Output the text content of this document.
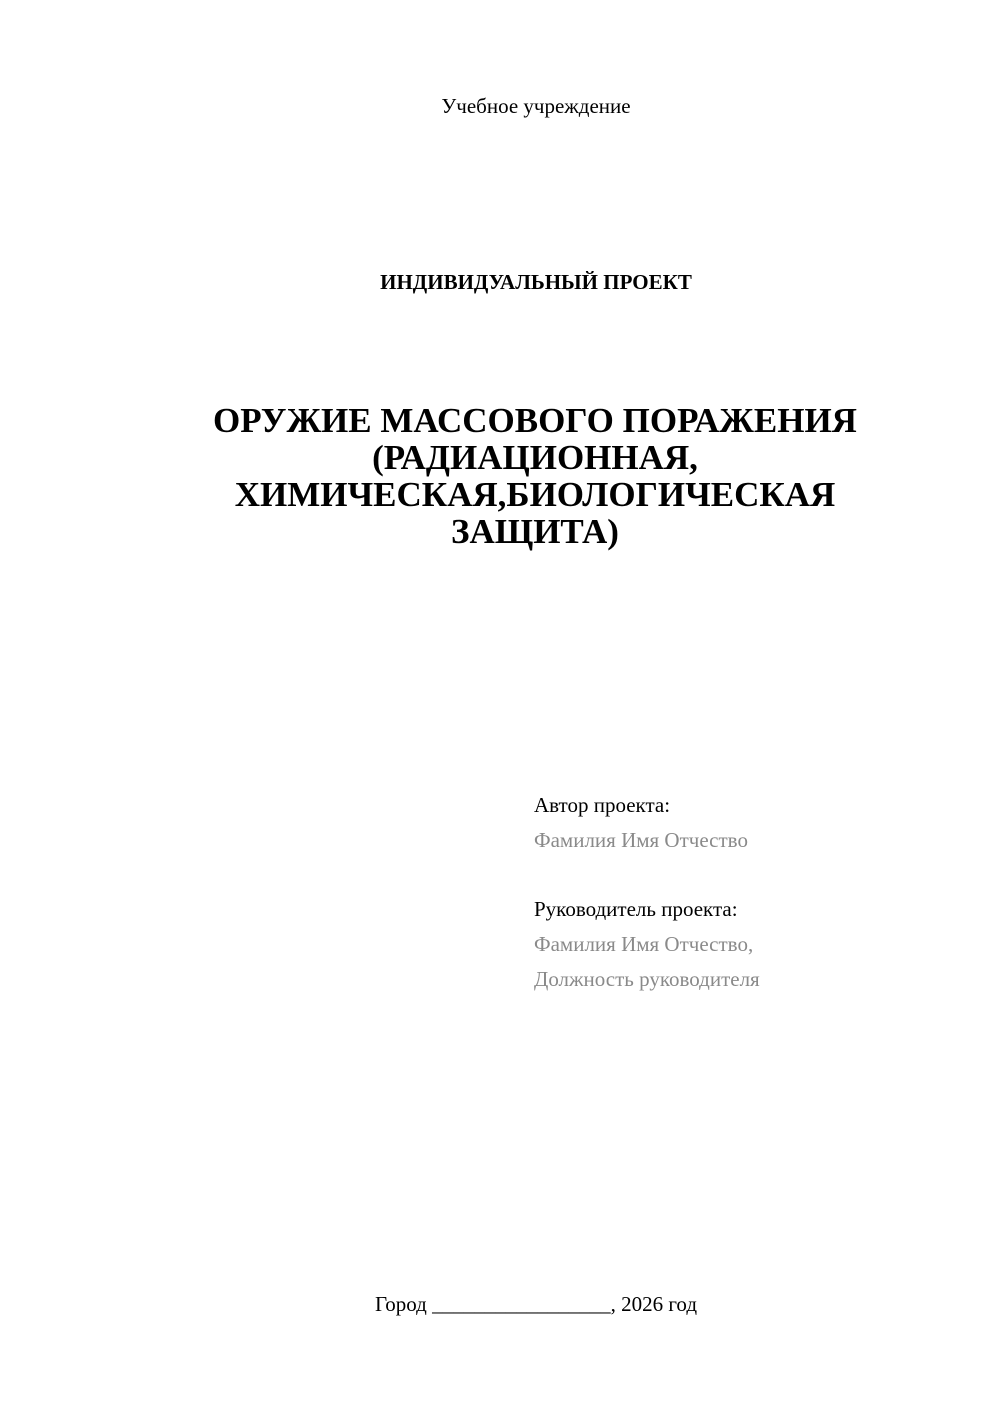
Учебное учреждение
ИНДИВИДУАЛЬНЫЙ ПРОЕКТ
ОРУЖИЕ МАССОВОГО ПОРАЖЕНИЯ
(РАДИАЦИОННАЯ,
ХИМИЧЕСКАЯ,БИОЛОГИЧЕСКАЯ
ЗАЩИТА)
Автор проекта:
Фамилия Имя Отчество
Руководитель проекта:
Фамилия Имя Отчество,
Должность руководителя
Город _________________, 2026 год
